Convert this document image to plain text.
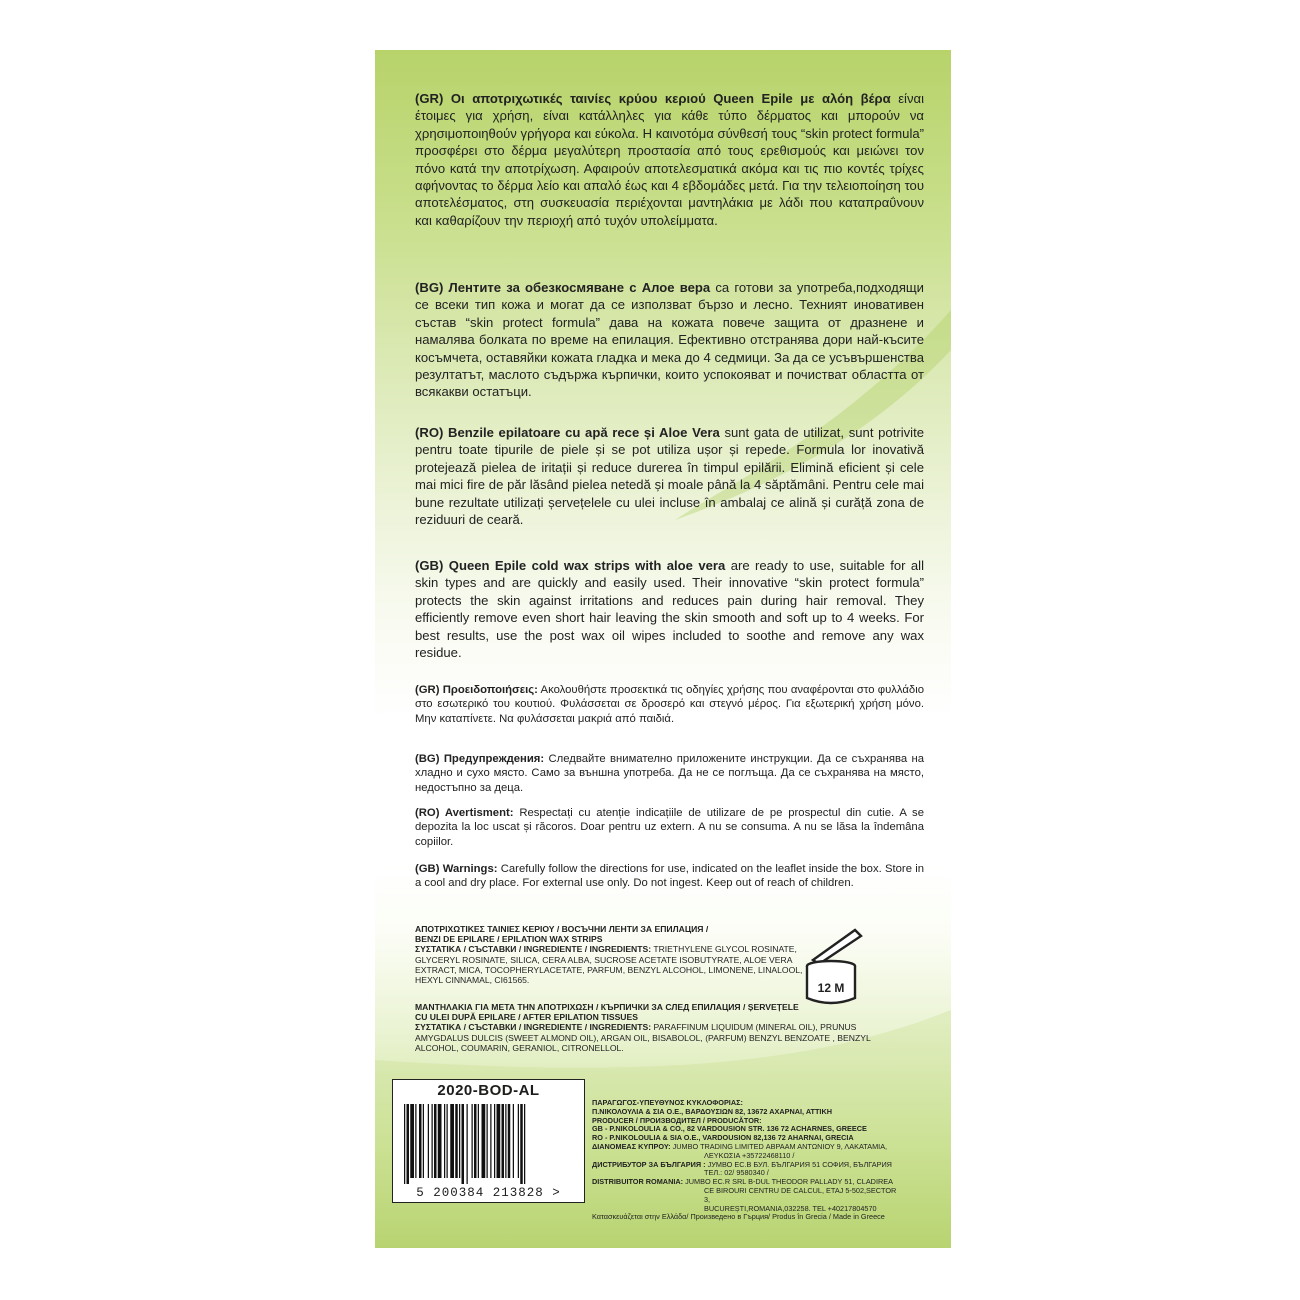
(GR) Οι αποτριχωτικές ταινίες κρύου κεριού Queen Epile με αλόη βέρα είναι έτοιμες για χρήση, είναι κατάλληλες για κάθε τύπο δέρματος και μπορούν να χρησιμοποιηθούν γρήγορα και εύκολα. Η καινοτόμα σύνθεσή τους “skin protect formula” προσφέρει στο δέρμα μεγαλύτερη προστασία από τους ερεθισμούς και μειώνει τον πόνο κατά την αποτρίχωση. Αφαιρούν αποτελεσματικά ακόμα και τις πιο κοντές τρίχες αφήνοντας το δέρμα λείο και απαλό έως και 4 εβδομάδες μετά. Για την τελειοποίηση του αποτελέσματος, στη συσκευασία περιέχονται μαντηλάκια με λάδι που καταπραΰνουν και καθαρίζουν την περιοχή από τυχόν υπολείμματα.
(BG) Лентите за обезкосмяване с Алое вера са готови за употреба,подходящи се всеки тип кожа и могат да се използват бързо и лесно. Техният иновативен състав “skin protect formula” дава на кожата повече защита от дразнене и намалява болката по време на епилация. Ефективно отстранява дори най-късите косъмчета, оставяйки кожата гладка и мека до 4 седмици. За да се усъвършенства резултатът, маслото съдържа кърпички, които успокояват и почистват областта от всякакви остатъци.
(RO) Benzile epilatoare cu apă rece și Aloe Vera sunt gata de utilizat, sunt potrivite pentru toate tipurile de piele și se pot utiliza ușor și repede. Formula lor inovativă protejează pielea de iritații și reduce durerea în timpul epilării. Elimină eficient și cele mai mici fire de păr lăsând pielea netedă și moale până la 4 săptămâni. Pentru cele mai bune rezultate utilizați șervețelele cu ulei incluse în ambalaj ce alină și curăță zona de reziduuri de ceară.
(GB) Queen Epile cold wax strips with aloe vera are ready to use, suitable for all skin types and are quickly and easily used. Their innovative “skin protect formula” protects the skin against irritations and reduces pain during hair removal. They efficiently remove even short hair leaving the skin smooth and soft up to 4 weeks. For best results, use the post wax oil wipes included to soothe and remove any wax residue.
(GR) Προειδοποιήσεις: Ακολουθήστε προσεκτικά τις οδηγίες χρήσης που αναφέρονται στο φυλλάδιο στο εσωτερικό του κουτιού. Φυλάσσεται σε δροσερό και στεγνό μέρος. Για εξωτερική χρήση μόνο. Μην καταπίνετε. Να φυλάσσεται μακριά από παιδιά.
(BG) Предупреждения: Следвайте внимателно приложените инструкции. Да се съхранява на хладно и сухо място. Само за външна употреба. Да не се поглъща. Да се съхранява на място, недостъпно за деца.
(RO) Avertisment: Respectați cu atenție indicațiile de utilizare de pe prospectul din cutie. A se depozita la loc uscat și răcoros. Doar pentru uz extern. A nu se consuma. A nu se lăsa la îndemâna copiilor.
(GB) Warnings: Carefully follow the directions for use, indicated on the leaflet inside the box. Store in a cool and dry place. For external use only. Do not ingest. Keep out of reach of children.
ΑΠΟΤΡΙΧΩΤΙΚΕΣ ΤΑΙΝΙΕΣ ΚΕΡΙΟΥ / ВОСЪЧНИ ЛЕНТИ ЗА ЕПИЛАЦИЯ /
BENZI DE EPILARE / EPILATION WAX STRIPS
ΣΥΣΤΑΤΙΚΑ / СЪСТАВКИ / INGREDIENTE / INGREDIENTS: TRIETHYLENE GLYCOL ROSINATE,
GLYCERYL ROSINATE, SILICA, CERA ALBA, SUCROSE ACETATE ISOBUTYRATE, ALOE VERA
EXTRACT, MICA, TOCOPHERYLACETATE, PARFUM, BENZYL ALCOHOL, LIMONENE, LINALOOL,
HEXYL CINNAMAL, CI61565.
12 M
ΜΑΝΤΗΛΑΚΙΑ ΓΙΑ ΜΕΤΑ ΤΗΝ ΑΠΟΤΡΙΧΩΣΗ / КЪРПИЧКИ ЗА СЛЕД ЕПИЛАЦИЯ / ȘERVEȚELE
CU ULEI DUPĂ EPILARE / AFTER EPILATION TISSUES
ΣΥΣΤΑΤΙΚΑ / СЪСТАВКИ / INGREDIENTE / INGREDIENTS: PARAFFINUM LIQUIDUM (MINERAL OIL), PRUNUS
AMYGDALUS DULCIS (SWEET ALMOND OIL), ARGAN OIL, BISABOLOL, (PARFUM) BENZYL BENZOATE , BENZYL
ALCOHOL, COUMARIN, GERANIOL, CITRONELLOL.
2020-BOD-AL
5 200384 213828 >
ΠΑΡΑΓΩΓΟΣ-ΥΠΕΥΘΥΝΟΣ ΚΥΚΛΟΦΟΡΙΑΣ:
Π.ΝΙΚΟΛΟΥΛΙΑ & ΣΙΑ Ο.Ε., ΒΑΡΔΟΥΣΙΩΝ 82, 13672 ΑΧΑΡΝΑΙ, ΑΤΤΙΚΗ
PRODUCER / ПРОИЗВОДИТЕЛ / PRODUCĂTOR:
GB - P.NIKOLOULIA & CO., 82 VARDOUSION STR. 136 72 ACHARNES, GREECE
RO - P.NIKOLOULIA & SIA O.E., VARDOUSION 82,136 72 AHARNAI, GRECIA
ΔΙΑΝΟΜΕΑΣ ΚΥΠΡΟΥ: JUMBO TRADING LIMITED ΑΒΡΑΑΜ ΑΝΤΩΝΙΟΥ 9, ΛΑΚΑΤΑΜΙΑ,
ΛΕΥΚΩΣΙΑ +35722468110 /
ДИСТРИБУТОР ЗА БЪЛГАРИЯ : ЈУМВО ЕС.В БУЛ. БЪЛГАРИЯ 51 СОФИЯ, БЪЛГАРИЯ
ТЕЛ.: 02/ 9580340 /
DISTRIBUITOR ROMANIA: JUMBO EC.R SRL B-DUL THEODOR PALLADY 51, CLADIREA
CE BIROURI CENTRU DE CALCUL, ETAJ 5-502,SECTOR 3,
BUCUREȘTI,ROMANIA,032258. TEL +40217804570
Κατασκευάζεται στην Ελλάδα/ Произведено в Гърция/ Produs în Grecia / Made in Greece
